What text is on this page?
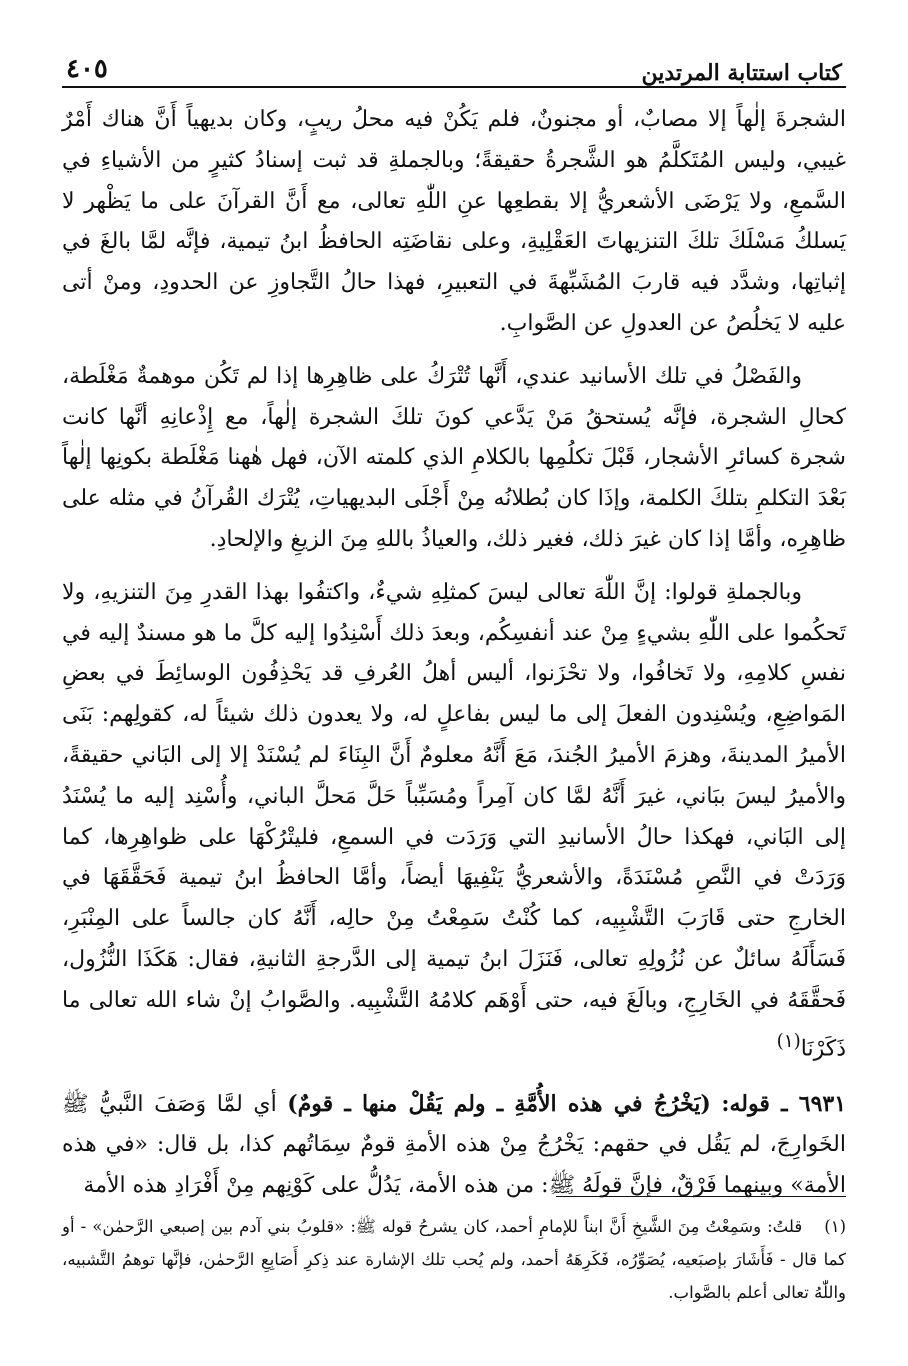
كتاب استتابة المرتدين
٤٠٥

الشجرةَ إلٰهاً إلا مصابٌ، أو مجنونٌ، فلم يَكُنْ فيه محلُ ريبٍ، وكان بديهياً أَنَّ هناك أَمْرٌ غيبي، وليس المُتَكلَّمُ هو الشَّجرةُ حقيقةً؛ وبالجملةِ قد ثبت إسنادُ كثيرٍ من الأشياءِ في السَّمعِ، ولا يَرْضَى الأشعريُّ إلا بقطعِها عنِ اللّٰهِ تعالى، مع أَنَّ القرآنَ على ما يَظْهر لا يَسلكُ مَسْلَكَ تلكَ التنزيهاتَ العَقْلِيةِ، وعلى نقاضَتِه الحافظُ ابنُ تيمية، فإنَّه لمَّا بالغَ في إثباتِها، وشدَّد فيه قاربَ المُشَبِّهةَ في التعبيرِ، فهذا حالُ التَّجاوزِ عن الحدودِ، ومنْ أتى عليه لا يَخلُصُ عن العدولِ عن الصَّوابِ.

والفَصْلُ في تلك الأسانيد عندي، أَنَّها تُتْرَكُ على ظاهِرِها إذا لم تَكُن موهمةٌ مَغْلَطة، كحالِ الشجرة، فإنَّه يُستحقُ مَنْ يَدَّعي كونَ تلكَ الشجرة إلٰهاً، مع إِذْعانِهِ أنَّها كانت شجرة كسائرِ الأشجار، قَبْلَ تكلُمِها بالكلامِ الذي كلمته الآن، فهل هٰهنا مَغْلَطة بكونِها إلٰهاً بَعْدَ التكلمِ بتلكَ الكلمة، وإذَا كان بُطلانُه مِنْ أَجْلَى البديهياتِ، يُتْرَك القُرآنُ في مثله على ظاهِرِه، وأمَّا إذا كان غيرَ ذلك، فغير ذلك، والعياذُ باللهِ مِنَ الزيغِ والإلحادِ.

وبالجملةِ قولوا: إنَّ اللّٰهَ تعالى ليسَ كمثلِهِ شيءٌ، واكتفُوا بهذا القدرِ مِنَ التنزيهِ، ولا تَحكُموا على اللّٰهِ بشيءٍ مِنْ عند أنفسِكُم، وبعدَ ذلك أَسْنِدُوا إليه كلَّ ما هو مسندٌ إليه في نفسِ كلامِهِ، ولا تَخافُوا، ولا تحْزَنوا، أليس أهلُ العُرفِ قد يَحْذِفُون الوسائِطَ في بعضِ المَواضِعِ، ويُسْنِدون الفعلَ إلى ما ليس بفاعلٍ له، ولا يعدون ذلك شيئاً له، كقولِهم: بَنَى الأميرُ المدينةَ، وهزمَ الأميرُ الجُندَ، مَعَ أَنَّهُ معلومٌ أَنَّ البِنَاءَ لم يُسْنَدْ إلا إلى البَاني حقيقةً، والأميرُ ليسَ ببَاني، غيرَ أَنَّهُ لمَّا كان آمِراً ومُسَبِّباً حَلَّ مَحلَّ الباني، وأُسْنِد إليه ما يُسْنَدُ إلى البَاني، فهكذا حالُ الأسانيدِ التي وَرَدَت في السمعِ، فليتْرُكْهَا على ظواهِرِها، كما وَرَدَتْ في النَّصِ مُسْنَدَةً، والأشعريُّ يَنْفِيهَا أيضاً، وأمَّا الحافظُ ابنُ تيمية فَحَقَّقَهَا في الخارجِ حتى قَارَبَ التَّشْبِيه، كما كُنْتُ سَمِعْتُ مِنْ حالِه، أَنَّهُ كان جالساً على المِنْبَرِ، فَسَأَلَهُ سائلٌ عن نُزُولِهِ تعالى، فَنَزَلَ ابنُ تيمية إلى الدَّرجةِ الثانيةِ، فقال: هَكَذَا النُّزُول، فَحقَّقَهُ في الخَارِجِ، وبالَغَ فيه، حتى أَوْهَم كلامُهُ التَّشْبِيه. والصَّوابُ إنْ شاء الله تعالى ما ذَكَرْنَا$^{(١)}$

٦٩٣١ ـ قوله: (يَخْرُجُ في هذه الأُمَّةِ ـ ولم يَقُلْ منها ـ قومٌ) أي لمَّا وَصَفَ النَّبيُّ ﷺ الخَوارِجَ، لم يَقُل في حقهم: يَخْرُجُ مِنْ هذه الأمةِ قومٌ سِمَاتُهم كذا، بل قال: «في هذه الأمة» وبينهما فَرْقٌ، فإنَّ قولَهُ ﷺ: من هذه الأمة، يَدُلُّ على كَوْنِهم مِنْ أَفْرَادِ هذه الأمة

(١)قلتُ: وسَمِعْتُ مِنَ الشَّيخِ أَنَّ ابناً للإمامِ أحمد، كان يشرحُ قوله ﷺ: «قلوبُ بني آدم بين إصبعي الرَّحمٰن» - أو كما قال - فَأَشَارَ بإصبَعيه، يُصَوِّرُه، فَكَرِهَهُ أحمد، ولم يُحب تلك الإشارة عند ذِكرِ أَصَابِعِ الرَّحمٰن، فإنَّها توهمُ التَّشبيه، واللّٰهُ تعالى أعلم بالصَّواب.
